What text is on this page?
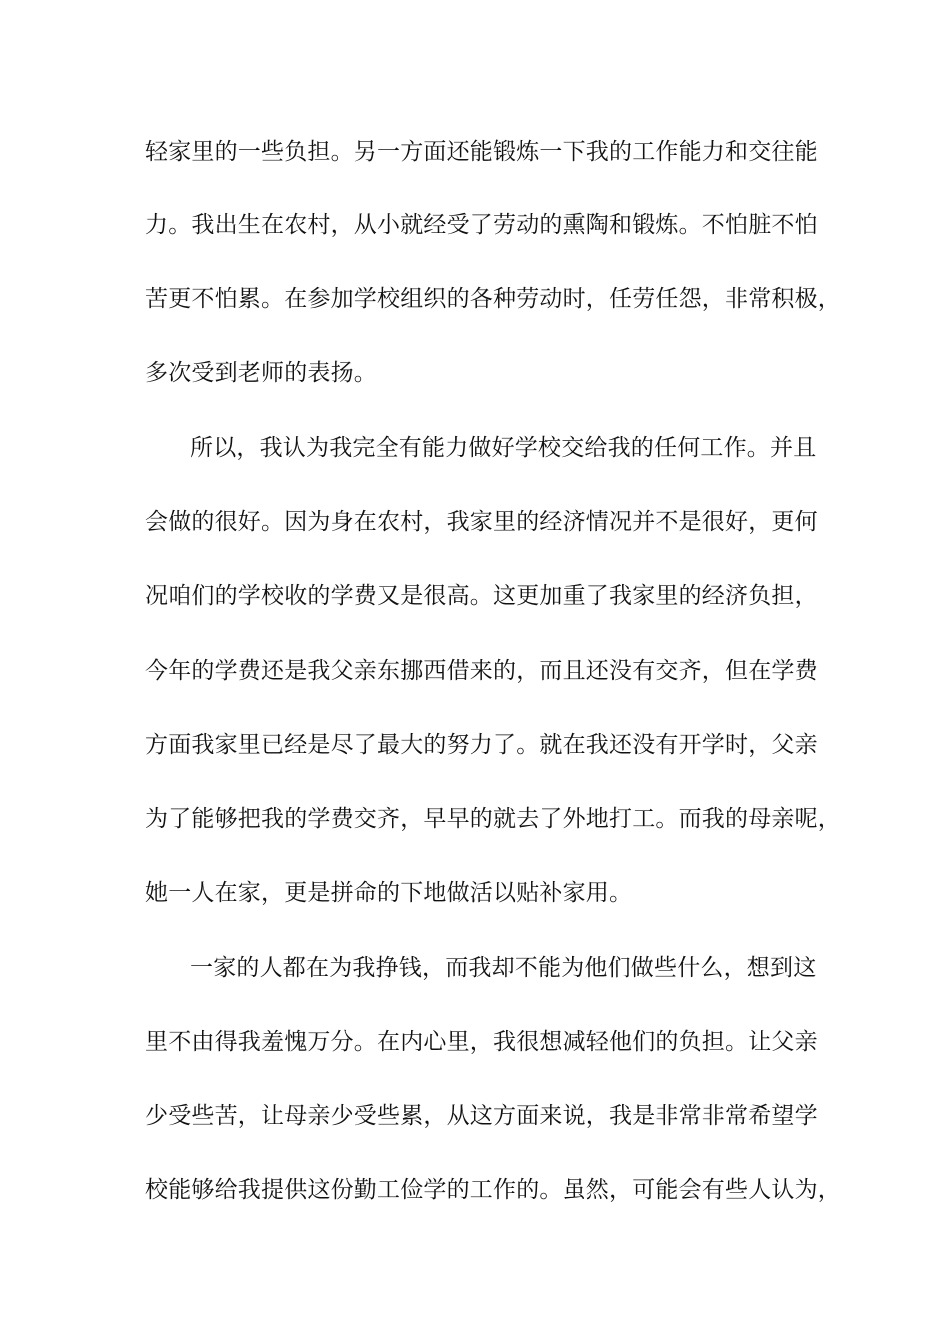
轻家里的一些负担。另一方面还能锻炼一下我的工作能力和交往能
力。我出生在农村，从小就经受了劳动的熏陶和锻炼。不怕脏不怕
苦更不怕累。在参加学校组织的各种劳动时，任劳任怨，非常积极，
多次受到老师的表扬。
所以，我认为我完全有能力做好学校交给我的任何工作。并且
会做的很好。因为身在农村，我家里的经济情况并不是很好，更何
况咱们的学校收的学费又是很高。这更加重了我家里的经济负担，
今年的学费还是我父亲东挪西借来的，而且还没有交齐，但在学费
方面我家里已经是尽了最大的努力了。就在我还没有开学时，父亲
为了能够把我的学费交齐，早早的就去了外地打工。而我的母亲呢，
她一人在家，更是拼命的下地做活以贴补家用。
一家的人都在为我挣钱，而我却不能为他们做些什么，想到这
里不由得我羞愧万分。在内心里，我很想减轻他们的负担。让父亲
少受些苦，让母亲少受些累，从这方面来说，我是非常非常希望学
校能够给我提供这份勤工俭学的工作的。虽然，可能会有些人认为，
